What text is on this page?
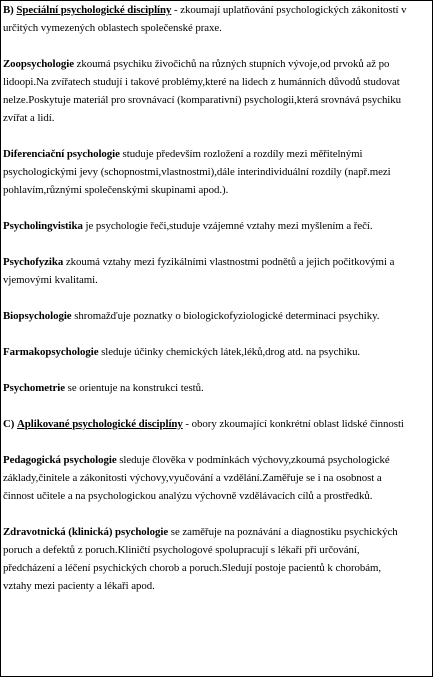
B) Speciální psychologické disciplíny - zkoumají uplatňování psychologických zákonitostí v
určitých vymezených oblastech společenské praxe.
Zoopsychologie zkoumá psychiku živočichů na různých stupních vývoje,od prvoků až po
lidoopi.Na zvířatech studují i takové problémy,které na lidech z humánních důvodů studovat
nelze.Poskytuje materiál pro srovnávací (komparativní) psychologii,která srovnává psychiku
zvířat a lidí.
Diferenciační psychologie studuje především rozložení a rozdíly mezi měřitelnými
psychologickými jevy (schopnostmi,vlastnostmi),dále interindividuální rozdíly (např.mezi
pohlavím,různými společenskými skupinami apod.).
Psycholingvistika je psychologie řeči,studuje vzájemné vztahy mezi myšlením a řečí.
Psychofyzika zkoumá vztahy mezi fyzikálními vlastnostmi podnětů a jejich počitkovými a
vjemovými kvalitami.
Biopsychologie shromažďuje poznatky o biologickofyziologické determinaci psychiky.
Farmakopsychologie sleduje účinky chemických látek,léků,drog atd. na psychiku.
Psychometrie se orientuje na konstrukci testů.
C) Aplikované psychologické disciplíny - obory zkoumající konkrétní oblast lidské činnosti
Pedagogická psychologie sleduje člověka v podmínkách výchovy,zkoumá psychologické
základy,činitele a zákonitosti výchovy,vyučování a vzdělání.Zaměřuje se i na osobnost a
činnost učitele a na psychologickou analýzu výchovně vzdělávacích cílů a prostředků.
Zdravotnická (klinická) psychologie se zaměřuje na poznávání a diagnostiku psychických
poruch a defektů z poruch.Kliničtí psychologové spolupracují s lékaři při určování,
předcházení a léčení psychických chorob a poruch.Sledují postoje pacientů k chorobám,
vztahy mezi pacienty a lékaři apod.
